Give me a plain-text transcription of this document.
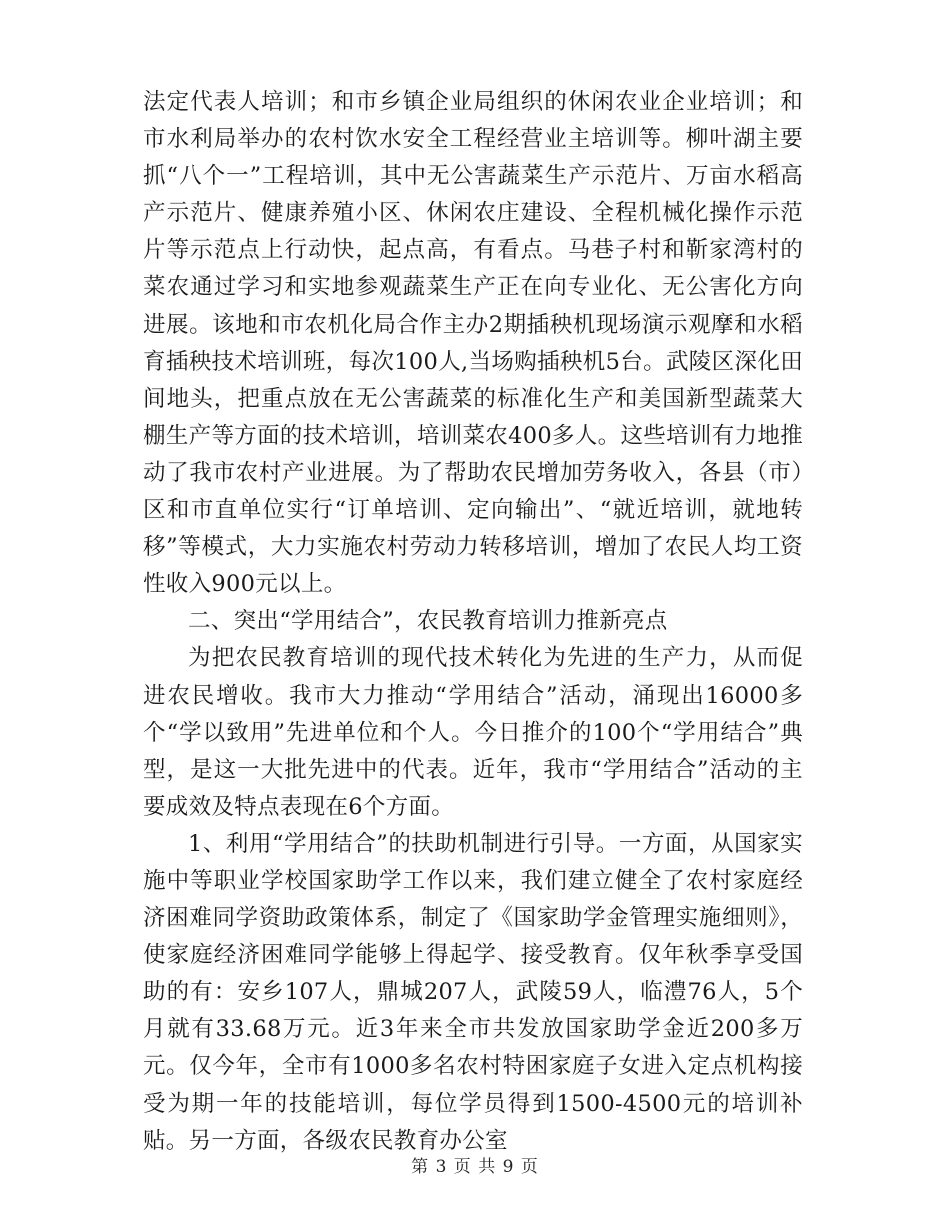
法定代表人培训；和市乡镇企业局组织的休闲农业企业培训；和市水利局举办的农村饮水安全工程经营业主培训等。柳叶湖主要抓“八个一”工程培训，其中无公害蔬菜生产示范片、万亩水稻高产示范片、健康养殖小区、休闲农庄建设、全程机械化操作示范片等示范点上行动快，起点高，有看点。马巷子村和靳家湾村的菜农通过学习和实地参观蔬菜生产正在向专业化、无公害化方向进展。该地和市农机化局合作主办2期插秧机现场演示观摩和水稻育插秧技术培训班，每次100人,当场购插秧机5台。武陵区深化田间地头，把重点放在无公害蔬菜的标准化生产和美国新型蔬菜大棚生产等方面的技术培训，培训菜农400多人。这些培训有力地推动了我市农村产业进展。为了帮助农民增加劳务收入，各县（市）区和市直单位实行“订单培训、定向输出”、“就近培训，就地转移”等模式，大力实施农村劳动力转移培训，增加了农民人均工资性收入900元以上。

二、突出“学用结合”，农民教育培训力推新亮点

为把农民教育培训的现代技术转化为先进的生产力，从而促进农民增收。我市大力推动“学用结合”活动，涌现出16000多个“学以致用”先进单位和个人。今日推介的100个“学用结合”典型，是这一大批先进中的代表。近年，我市“学用结合”活动的主要成效及特点表现在6个方面。

1、利用“学用结合”的扶助机制进行引导。一方面，从国家实施中等职业学校国家助学工作以来，我们建立健全了农村家庭经济困难同学资助政策体系，制定了《国家助学金管理实施细则》，使家庭经济困难同学能够上得起学、接受教育。仅年秋季享受国助的有：安乡107人，鼎城207人，武陵59人，临澧76人，5个月就有33.68万元。近3年来全市共发放国家助学金近200多万元。仅今年，全市有1000多名农村特困家庭子女进入定点机构接受为期一年的技能培训，每位学员得到1500-4500元的培训补贴。另一方面，各级农民教育办公室

第 3 页 共 9 页
